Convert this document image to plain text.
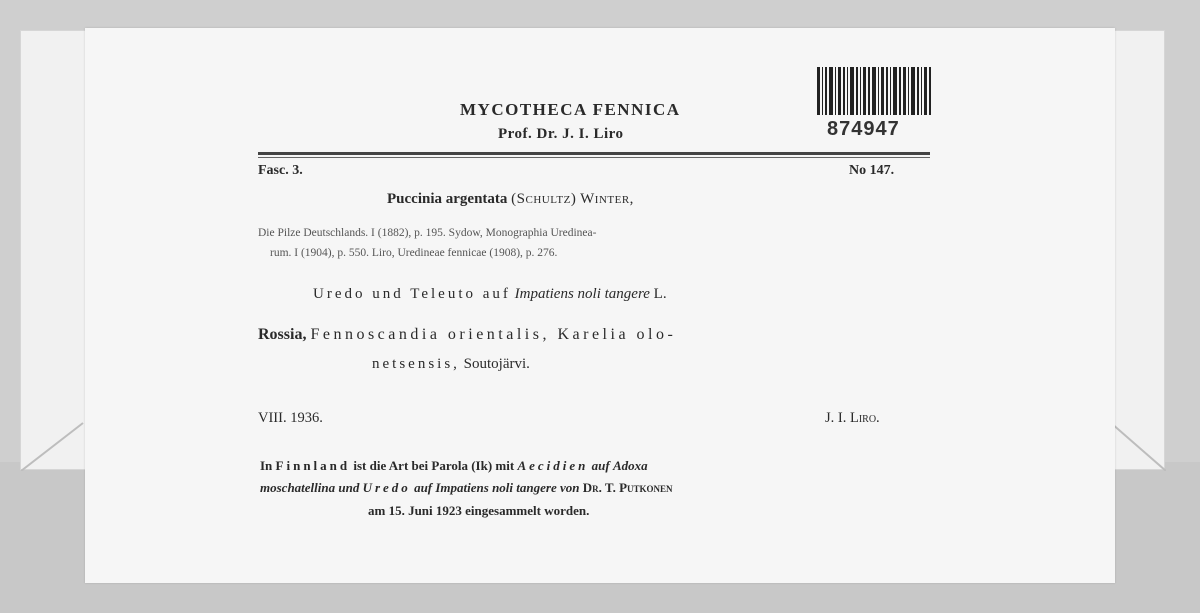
MYCOTHECA FENNICA
Prof. Dr. J. I. Liro	874947
Fasc. 3.	No 147.
Puccinia argentata (Schultz) Winter,
Die Pilze Deutschlands. I (1882), p. 195. Sydow, Monographia Uredinea-
rum. I (1904), p. 550. Liro, Uredineae fennicae (1908), p. 276.
Uredo und Teleuto auf Impatiens noli tangere L.
Rossia, Fennoscandia orientalis, Karelia olo-
netsensis, Soutojärvi.
VIII. 1936.	J. I. Liro.
In Finnland ist die Art bei Parola (Ik) mit Aecidien auf Adoxa
moschatellina und Uredo auf Impatiens noli tangere von Dr. T. Putkonen
am 15. Juni 1923 eingesammelt worden.
